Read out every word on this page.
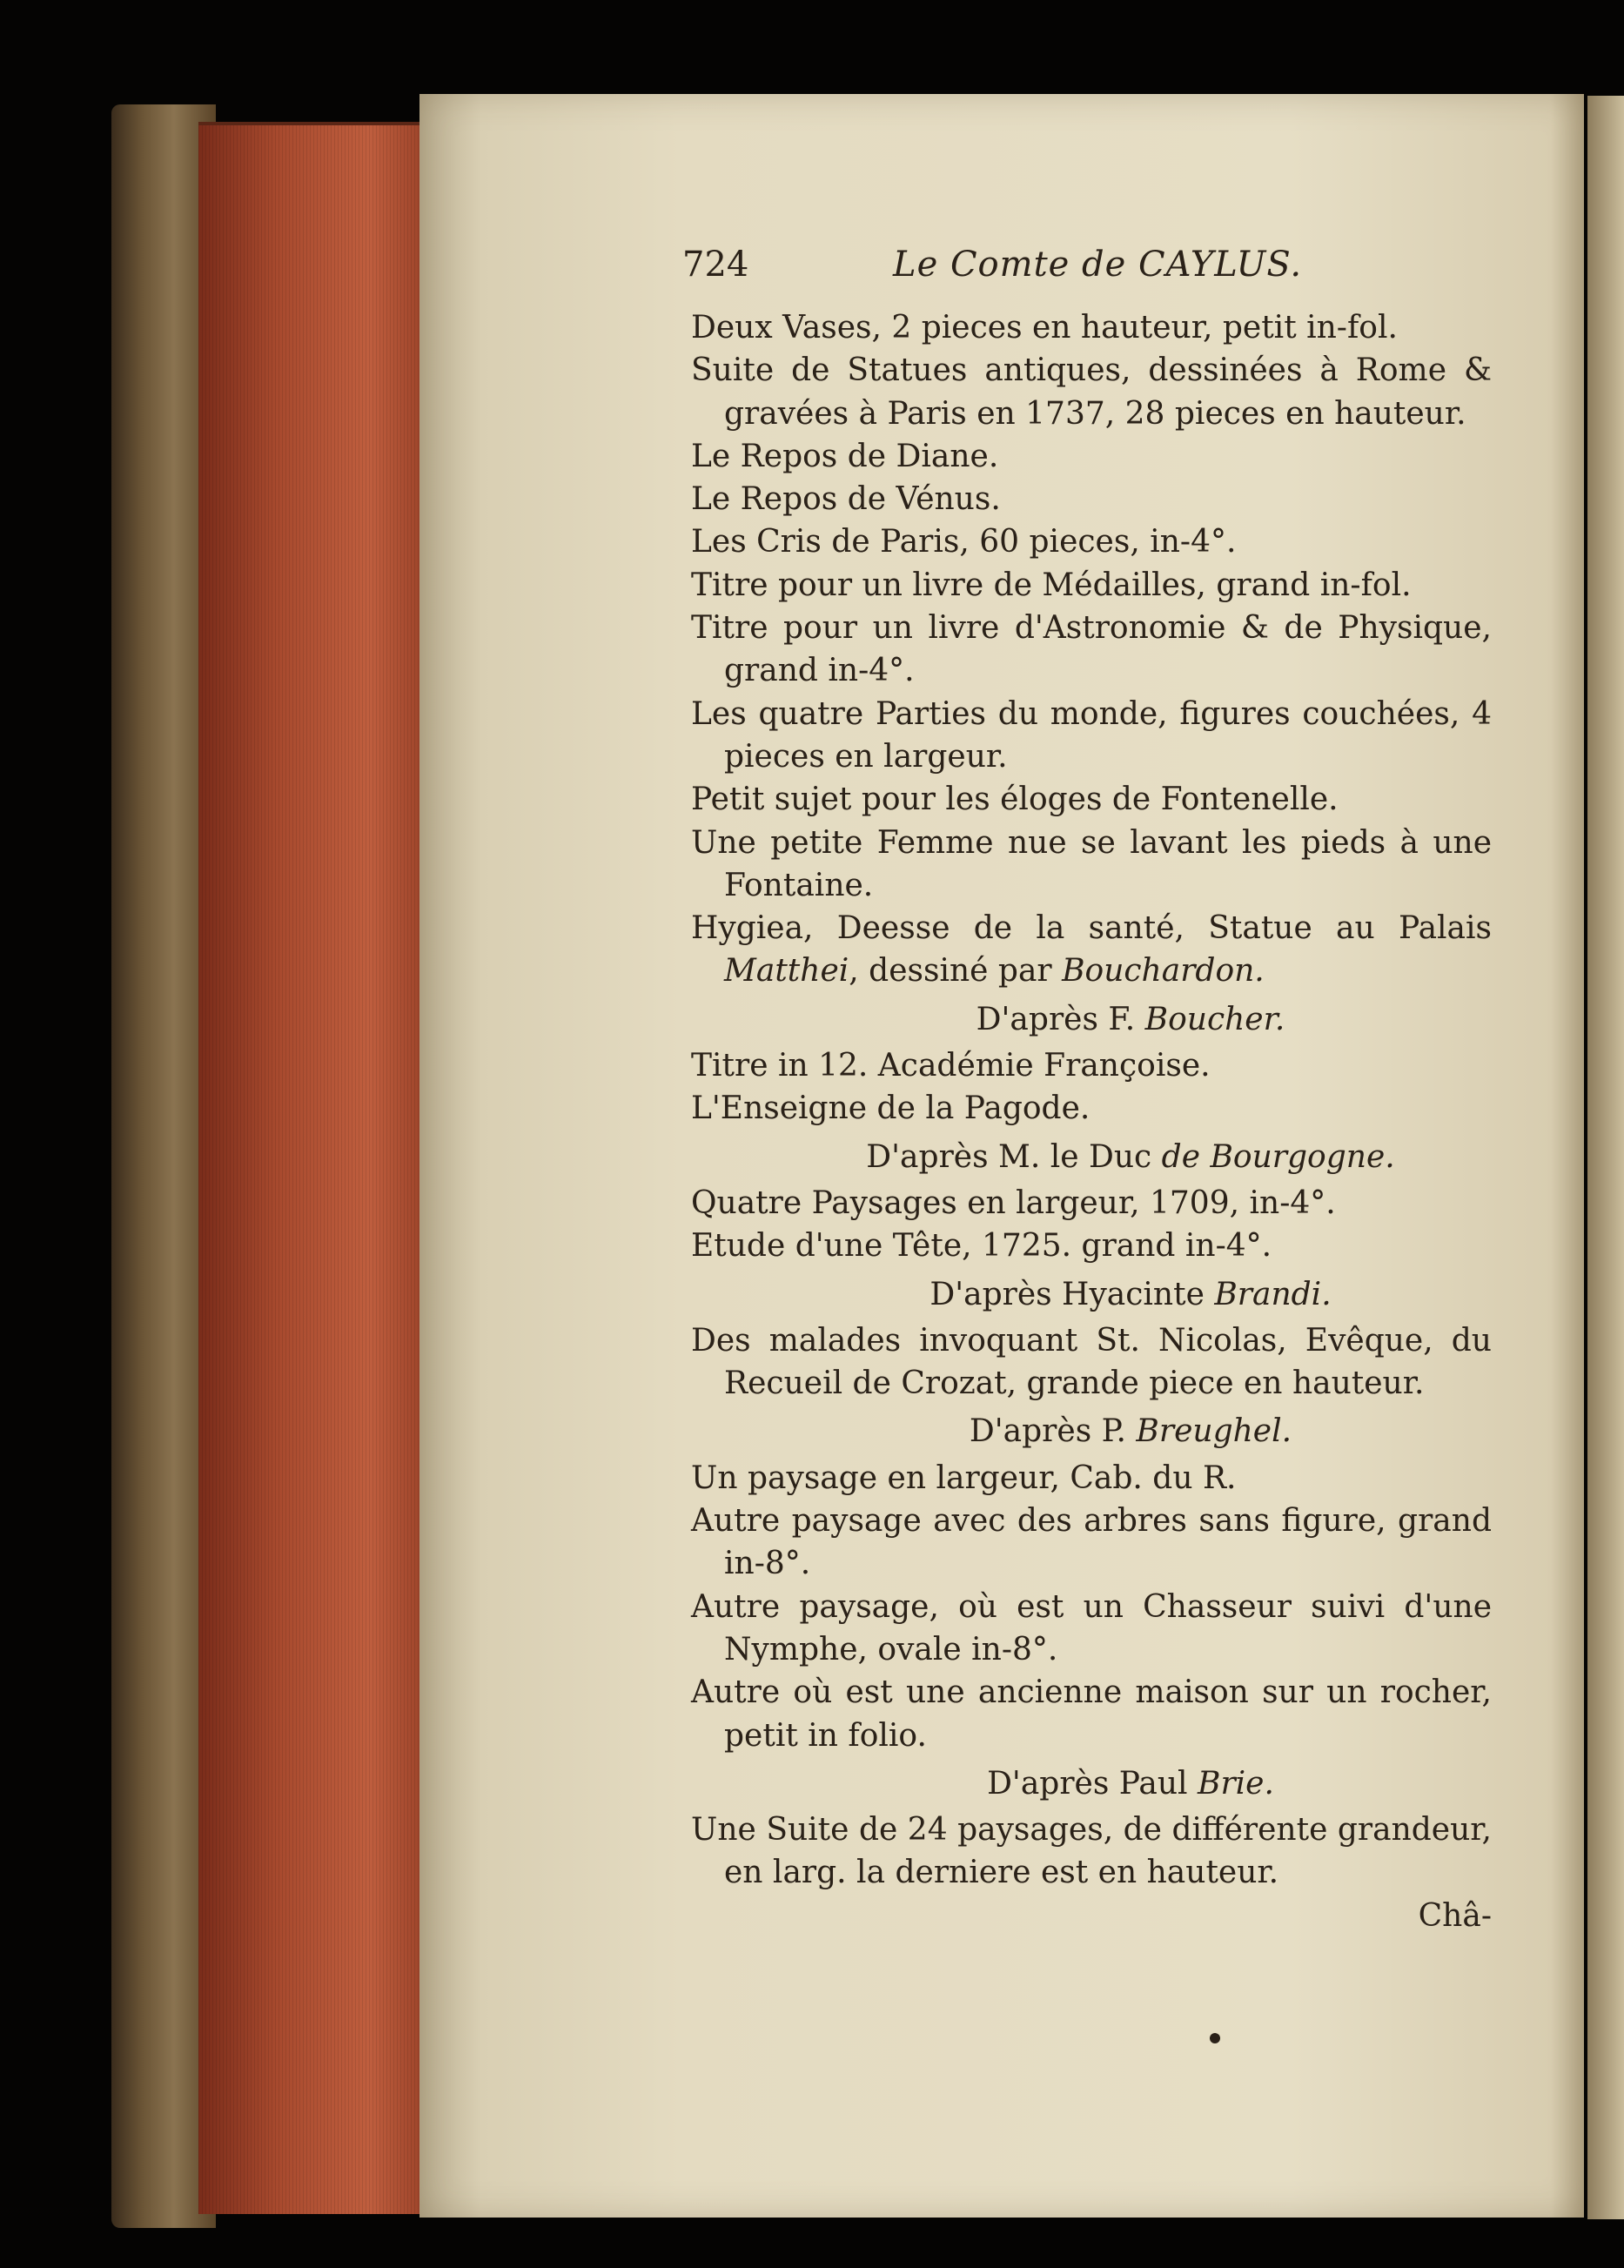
724	Le Comte de CAYLUS.
Deux Vases, 2 pieces en hauteur, petit in-fol.
Suite de Statues antiques, dessinées à Rome & gravées à Paris en 1737, 28 pieces en hauteur.
Le Repos de Diane.
Le Repos de Vénus.
Les Cris de Paris, 60 pieces, in-4°.
Titre pour un livre de Médailles, grand in-fol.
Titre pour un livre d'Astronomie & de Physique, grand in-4°.
Les quatre Parties du monde, figures couchées, 4 pieces en largeur.
Petit sujet pour les éloges de Fontenelle.
Une petite Femme nue se lavant les pieds à une Fontaine.
Hygiea, Deesse de la santé, Statue au Palais Matthei, dessiné par Bouchardon.
D'après F. Boucher.
Titre in 12. Académie Françoise.
L'Enseigne de la Pagode.
D'après M. le Duc de Bourgogne.
Quatre Paysages en largeur, 1709, in-4°.
Etude d'une Tête, 1725. grand in-4°.
D'après Hyacinte Brandi.
Des malades invoquant St. Nicolas, Evêque, du Recueil de Crozat, grande piece en hauteur.
D'après P. Breughel.
Un paysage en largeur, Cab. du R.
Autre paysage avec des arbres sans figure, grand in-8°.
Autre paysage, où est un Chasseur suivi d'une Nymphe, ovale in-8°.
Autre où est une ancienne maison sur un rocher, petit in folio.
D'après Paul Brie.
Une Suite de 24 paysages, de différente grandeur, en larg. la derniere est en hauteur.
Châ-
